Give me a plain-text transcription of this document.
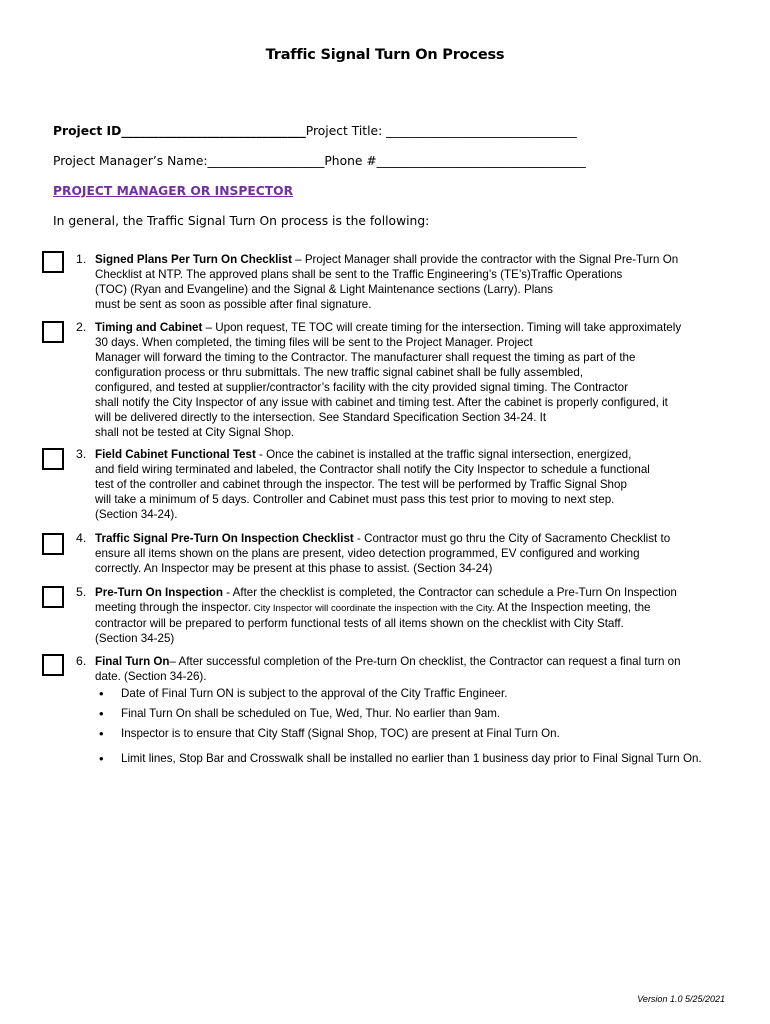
Traffic Signal Turn On Process
Project ID______________________________Project Title: _______________________________
Project Manager’s Name:___________________Phone #__________________________________
PROJECT MANAGER OR INSPECTOR
In general, the Traffic Signal Turn On process is the following:
1. Signed Plans Per Turn On Checklist – Project Manager shall provide the contractor with the Signal Pre-Turn On
Checklist at NTP. The approved plans shall be sent to the Traffic Engineering’s (TE’s)Traffic Operations
(TOC) (Ryan and Evangeline) and the Signal & Light Maintenance sections (Larry). Plans
must be sent as soon as possible after final signature.
2. Timing and Cabinet – Upon request, TE TOC will create timing for the intersection. Timing will take approximately
30 days. When completed, the timing files will be sent to the Project Manager. Project
Manager will forward the timing to the Contractor. The manufacturer shall request the timing as part of the
configuration process or thru submittals. The new traffic signal cabinet shall be fully assembled,
configured, and tested at supplier/contractor’s facility with the city provided signal timing. The Contractor
shall notify the City Inspector of any issue with cabinet and timing test. After the cabinet is properly configured, it
will be delivered directly to the intersection. See Standard Specification Section 34-24. It
shall not be tested at City Signal Shop.
3. Field Cabinet Functional Test - Once the cabinet is installed at the traffic signal intersection, energized,
and field wiring terminated and labeled, the Contractor shall notify the City Inspector to schedule a functional
test of the controller and cabinet through the inspector. The test will be performed by Traffic Signal Shop
will take a minimum of 5 days. Controller and Cabinet must pass this test prior to moving to next step.
(Section 34-24).
4. Traffic Signal Pre-Turn On Inspection Checklist - Contractor must go thru the City of Sacramento Checklist to
ensure all items shown on the plans are present, video detection programmed, EV configured and working
correctly. An Inspector may be present at this phase to assist. (Section 34-24)
5. Pre-Turn On Inspection - After the checklist is completed, the Contractor can schedule a Pre-Turn On Inspection
meeting through the inspector. City Inspector will coordinate the inspection with the City. At the Inspection meeting, the
contractor will be prepared to perform functional tests of all items shown on the checklist with City Staff.
(Section 34-25)
6. Final Turn On– After successful completion of the Pre-turn On checklist, the Contractor can request a final turn on
date. (Section 34-26).
• Date of Final Turn ON is subject to the approval of the City Traffic Engineer.
• Final Turn On shall be scheduled on Tue, Wed, Thur. No earlier than 9am.
• Inspector is to ensure that City Staff (Signal Shop, TOC) are present at Final Turn On.
• Limit lines, Stop Bar and Crosswalk shall be installed no earlier than 1 business day prior to Final Signal Turn On.
Version 1.0 5/25/2021
